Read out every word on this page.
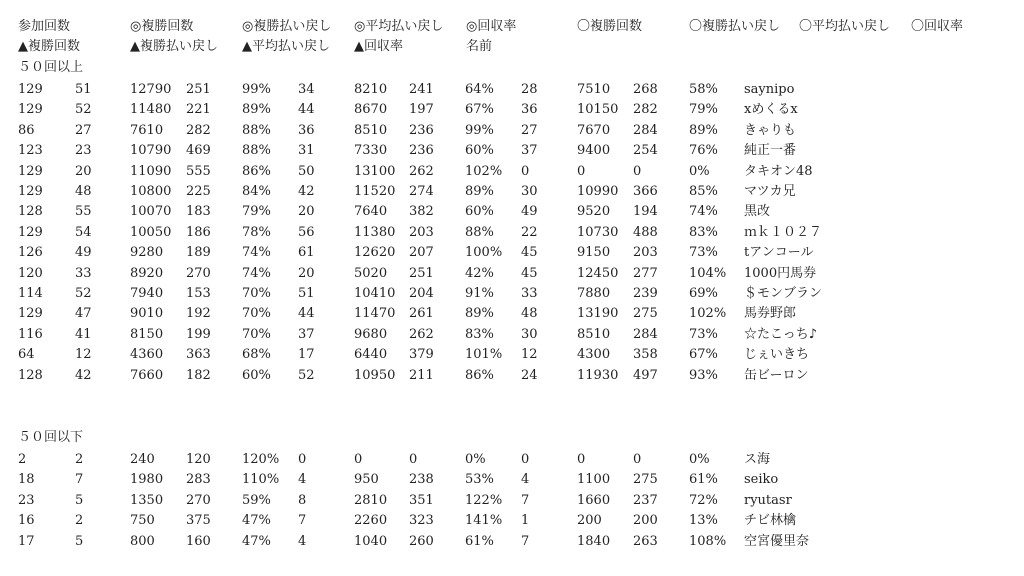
参加回数	◎複勝回数	◎複勝払い戻し ◎平均払い戻し ◎回収率	〇複勝回数	〇複勝払い戻し 〇平均払い戻し 〇回収率
▲複勝回数	▲複勝払い戻し ▲平均払い戻し ▲回収率	名前
５０回以上
129 51	12790 251 99% 34	8210 241 64% 28	7510 268 58% saynipo
129 52	11480 221 89% 44	8670 197 67% 36	10150 282 79% xめくるx
86	27	7610 282 88% 36	8510 236 99% 27	7670 284 89% きゃりも
123 23	10790 469 88% 31	7330 236 60% 37	9400 254 76% 純正一番
129 20	11090 555 86% 50	13100 262 102% 0	0	0	0%	タキオン48
129 48	10800 225 84% 42	11520 274 89% 30	10990 366 85% マツカ兄
128 55	10070 183 79% 20	7640 382 60% 49	9520 194 74% 黒改
129 54	10050 186 78% 56	11380 203 88% 22	10730 488 83% ｍｋ１０２７
126 49	9280 189 74% 61	12620 207 100% 45	9150 203 73% tアンコール
120 33	8920 270 74% 20	5020 251 42% 45	12450 277 104% 1000円馬券
114 52	7940 153 70% 51	10410 204 91% 33	7880 239 69% ＄モンブラン
129 47	9010 192 70% 44	11470 261 89% 48	13190 275 102% 馬券野郎
116 41	8150 199 70% 37	9680 262 83% 30	8510 284 73% ☆たこっち♪
64	12	4360 363 68% 17	6440 379 101% 12	4300 358 67% じぇいきち
128 42	7660 182 60% 52	10950 211 86% 24	11930 497 93% 缶ビーロン
５０回以下
2	2	240 120 120% 0	0	0	0%	0	0	0	0%	ス海
18	7	1980 283 110% 4	950 238 53% 4	1100 275 61% seiko
23	5	1350 270 59% 8	2810 351 122% 7	1660 237 72% ryutasr
16	2	750 375 47% 7	2260 323 141% 1	200 200 13% チビ林檎
17	5	800 160 47% 4	1040 260 61% 7	1840 263 108% 空宮優里奈
